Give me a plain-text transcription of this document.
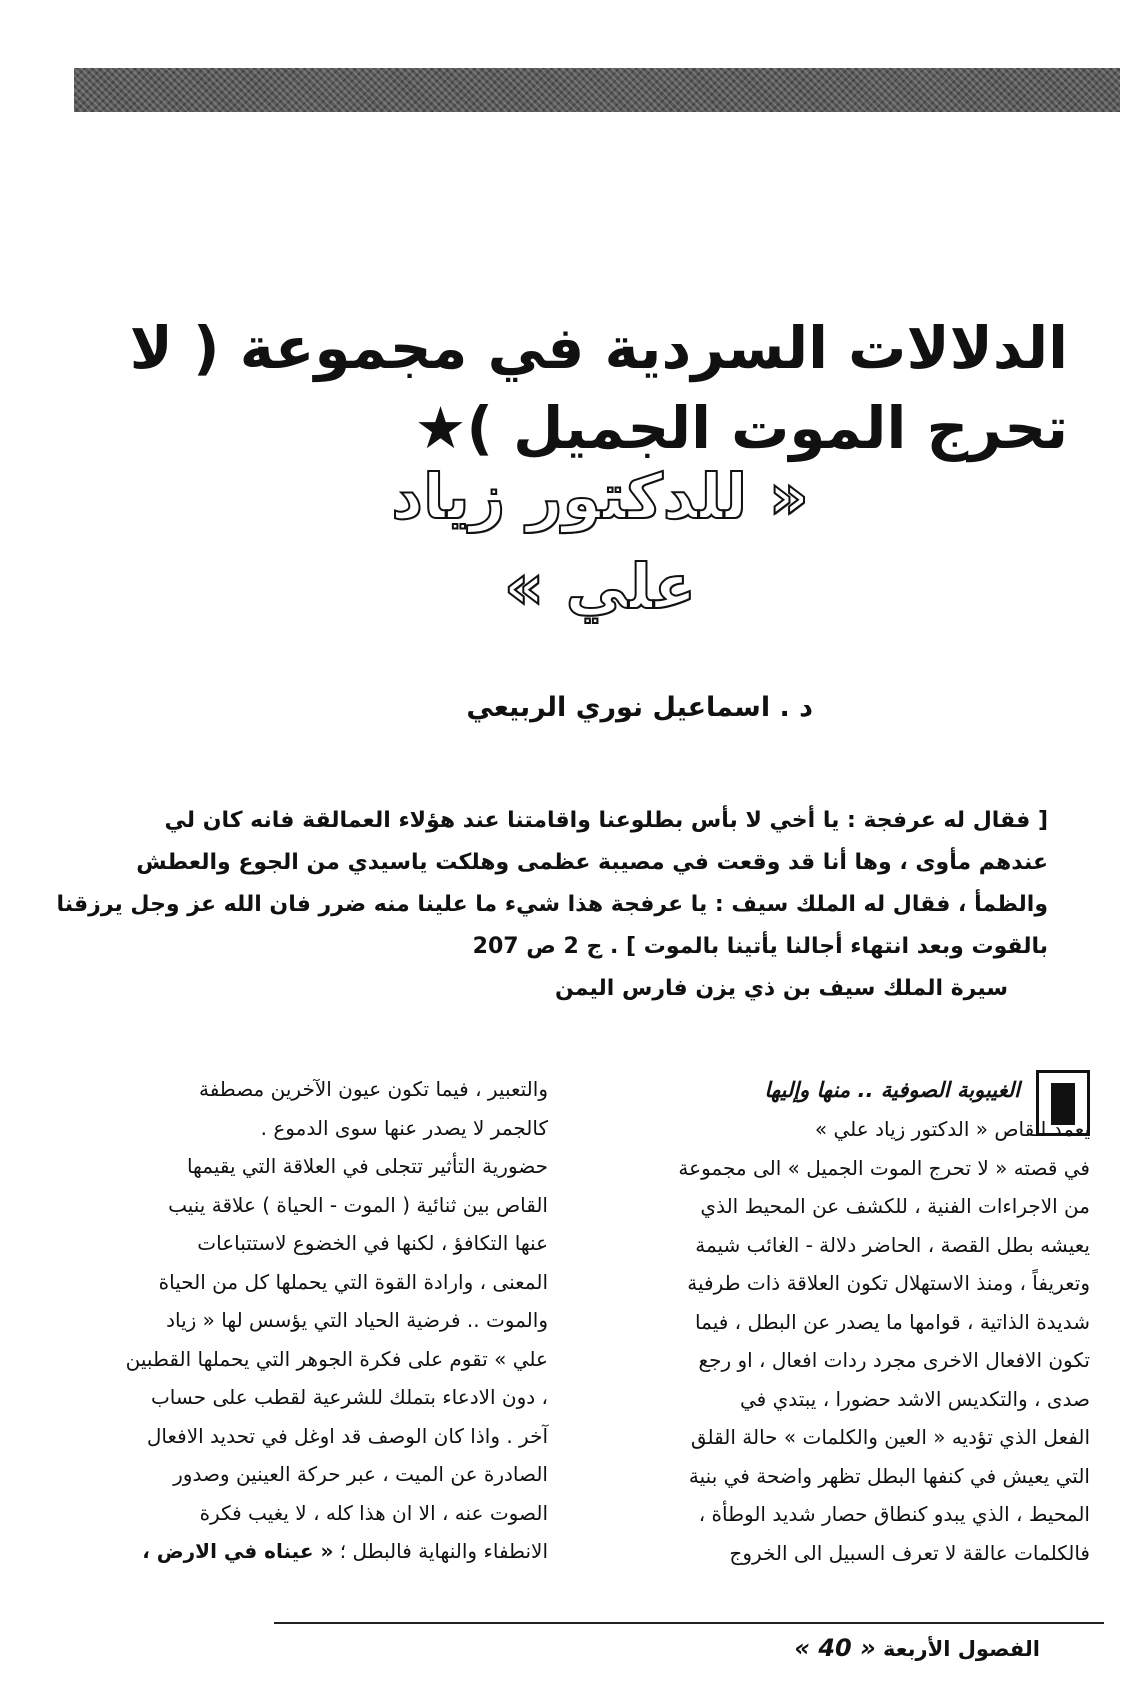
الدلالات السردية في مجموعة ( لا تحرج الموت الجميل )★
« للدكتور زياد علي »
د . اسماعيل نوري الربيعي
[ فقال له عرفجة : يا أخي لا بأس بطلوعنا واقامتنا عند هؤلاء العمالقة فانه كان لي
عندهم مأوى ، وها أنا قد وقعت في مصيبة عظمى وهلكت ياسيدي من الجوع والعطش
والظمأ ، فقال له الملك سيف : يا عرفجة هذا شيء ما علينا منه ضرر فان الله عز وجل يرزقنا
بالقوت وبعد انتهاء أجالنا يأتينا بالموت ] . ج 2 ص 207
سيرة الملك سيف بن ذي يزن فارس اليمن
الغيبوبة الصوفية .. منها وإليها
يعمد القاص « الدكتور زياد علي »
في قصته « لا تحرج الموت الجميل » الى مجموعة
من الاجراءات الفنية ، للكشف عن المحيط الذي
يعيشه بطل القصة ، الحاضر دلالة - الغائب شيمة
وتعريفاً ، ومنذ الاستهلال تكون العلاقة ذات طرفية
شديدة الذاتية ، قوامها ما يصدر عن البطل ، فيما
تكون الافعال الاخرى مجرد ردات افعال ، او رجع
صدى ، والتكديس الاشد حضورا ، يبتدي في
الفعل الذي تؤديه « العين والكلمات » حالة القلق
التي يعيش في كنفها البطل تظهر واضحة في بنية
المحيط ، الذي يبدو كنطاق حصار شديد الوطأة ،
فالكلمات عالقة لا تعرف السبيل الى الخروج
والتعبير ، فيما تكون عيون الآخرين مصطفة
كالجمر لا يصدر عنها سوى الدموع .
حضورية التأثير تتجلى في العلاقة التي يقيمها
القاص بين ثنائية ( الموت - الحياة ) علاقة ينيب
عنها التكافؤ ، لكنها في الخضوع لاستتباعات
المعنى ، وارادة القوة التي يحملها كل من الحياة
والموت .. فرضية الحياد التي يؤسس لها « زياد
علي » تقوم على فكرة الجوهر التي يحملها القطبين
، دون الادعاء بتملك للشرعية لقطب على حساب
آخر . واذا كان الوصف قد اوغل في تحديد الافعال
الصادرة عن الميت ، عبر حركة العينين وصدور
الصوت عنه ، الا ان هذا كله ، لا يغيب فكرة
الانطفاء والنهاية فالبطل ؛ « عيناه في الارض ،
الفصول الأربعة « 40 »
